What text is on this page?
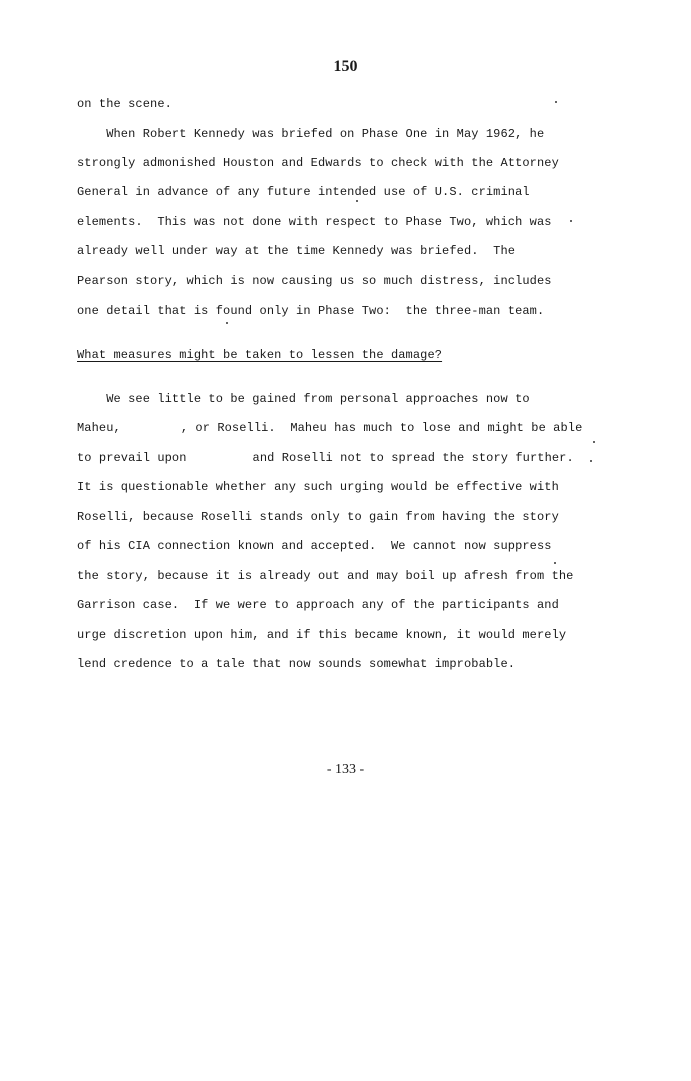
150
on the scene.
When Robert Kennedy was briefed on Phase One in May 1962, he
strongly admonished Houston and Edwards to check with the Attorney
General in advance of any future intended use of U.S. criminal
elements.  This was not done with respect to Phase Two, which was
already well under way at the time Kennedy was briefed.  The
Pearson story, which is now causing us so much distress, includes
one detail that is found only in Phase Two:  the three-man team.
What measures might be taken to lessen the damage?
We see little to be gained from personal approaches now to
Maheu,	, or Roselli.  Maheu has much to lose and might be able
to prevail upon	and Roselli not to spread the story further.
It is questionable whether any such urging would be effective with
Roselli, because Roselli stands only to gain from having the story
of his CIA connection known and accepted.  We cannot now suppress
the story, because it is already out and may boil up afresh from the
Garrison case.  If we were to approach any of the participants and
urge discretion upon him, and if this became known, it would merely
lend credence to a tale that now sounds somewhat improbable.
- 133 -
